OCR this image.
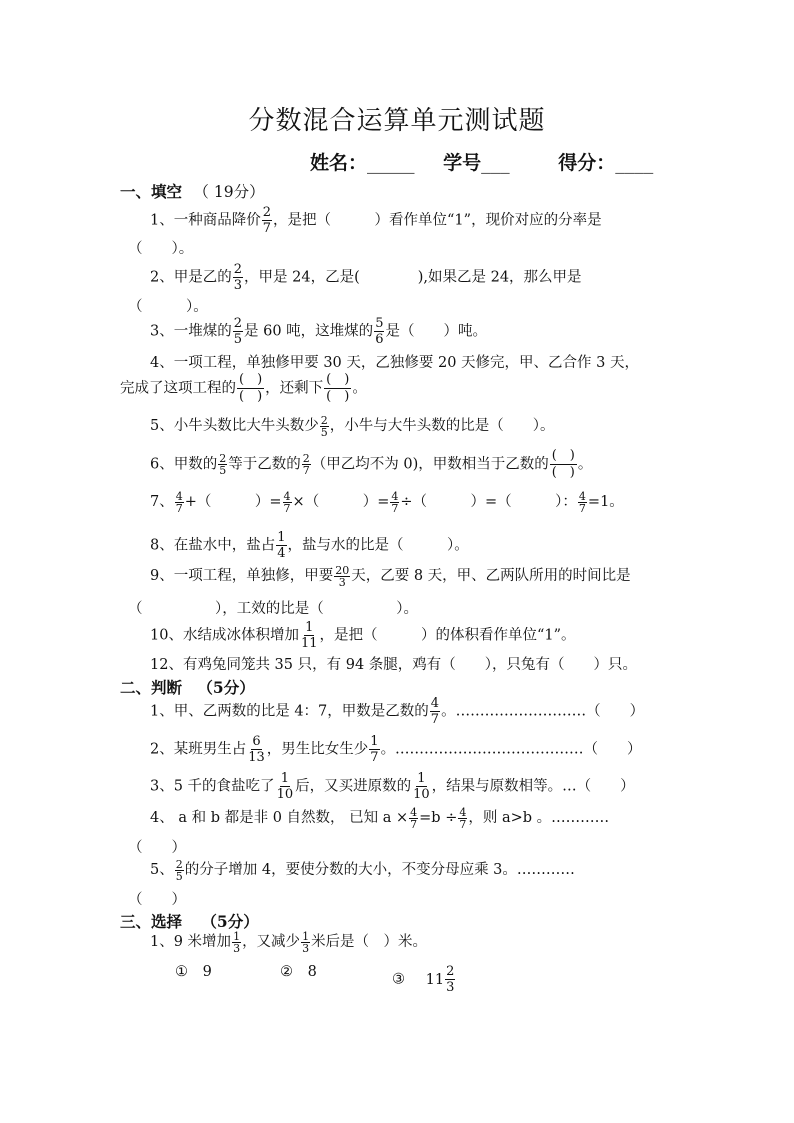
分数混合运算单元测试题
姓名：_____ 学号___	得分：____
一、填空 （ 19分）
1、一种商品降价 $\frac{2}{7}$ ，是把（　　　）看作单位“1”，现价对应的分率是
（　　）。
2、甲是乙的 $\frac{2}{3}$ ，甲是 24，乙是(　　　　),如果乙是 24，那么甲是
（　　　）。
3、一堆煤的 $\frac{2}{5}$ 是 60 吨，这堆煤的 $\frac{5}{6}$ 是（　　）吨。
4、一项工程，单独修甲要 30 天，乙独修要 20 天修完，甲、乙合作 3 天，
完成了这项工程的
(　)
(　) ，还剩下
(　)
(　) 。
5、小牛头数比大牛头数少 $\frac{2}{5}$ ，小牛与大牛头数的比是（　　）。
6、甲数的 $\frac{2}{5}$ 等于乙数的 $\frac{2}{7}$ （甲乙均不为 0)，甲数相当于乙数的
(　)
(　) 。
7、 $\frac{4}{7}$ +（　　　）= $\frac{4}{7}$ ×（　　　）= $\frac{4}{7}$ ÷（　　　）=（　　　）： $\frac{4}{7} =1$。
8、在盐水中，盐占 $\frac{1}{4}$ ，盐与水的比是（　　　）。
9、一项工程，单独修，甲要 $\frac{20}{3}$ 天，乙要 8 天，甲、乙两队所用的时间比是
（　　　　　），工效的比是（　　　　　）。
10、水结成冰体积增加 $\frac{1}{11}$ ，是把（　　　）的体积看作单位“1”。
12、有鸡兔同笼共 35 只，有 94 条腿，鸡有（　　），只兔有（　　）只。
二、判断 （5分）
1、甲、乙两数的比是 4：7，甲数是乙数的 $\frac{4}{7}$ 。………………………（　　）
2、某班男生占 $\frac{6}{13}$ ，男生比女生少 $\frac{1}{7}$ 。…………………………………（　　）
3、5 千的食盐吃了 $\frac{1}{10}$ 后，又买进原数的 $\frac{1}{10}$ ，结果与原数相等。…（　　）
4、 a 和 b 都是非 0 自然数， 已知 $a \times \frac{4}{7} =b \div \frac{4}{7}$ ，则 a>b 。…………
（　　）
5、 $\frac{2}{5}$ 的分子增加 4，要使分数的大小，不变分母应乘 3。…………
（　　）
三、选择 （5分）
1、9 米增加 $\frac{1}{3}$ ，又减少 $\frac{1}{3}$ 米后是（　）米。
① 9	② 8	③ $11 \frac{2}{3}$
